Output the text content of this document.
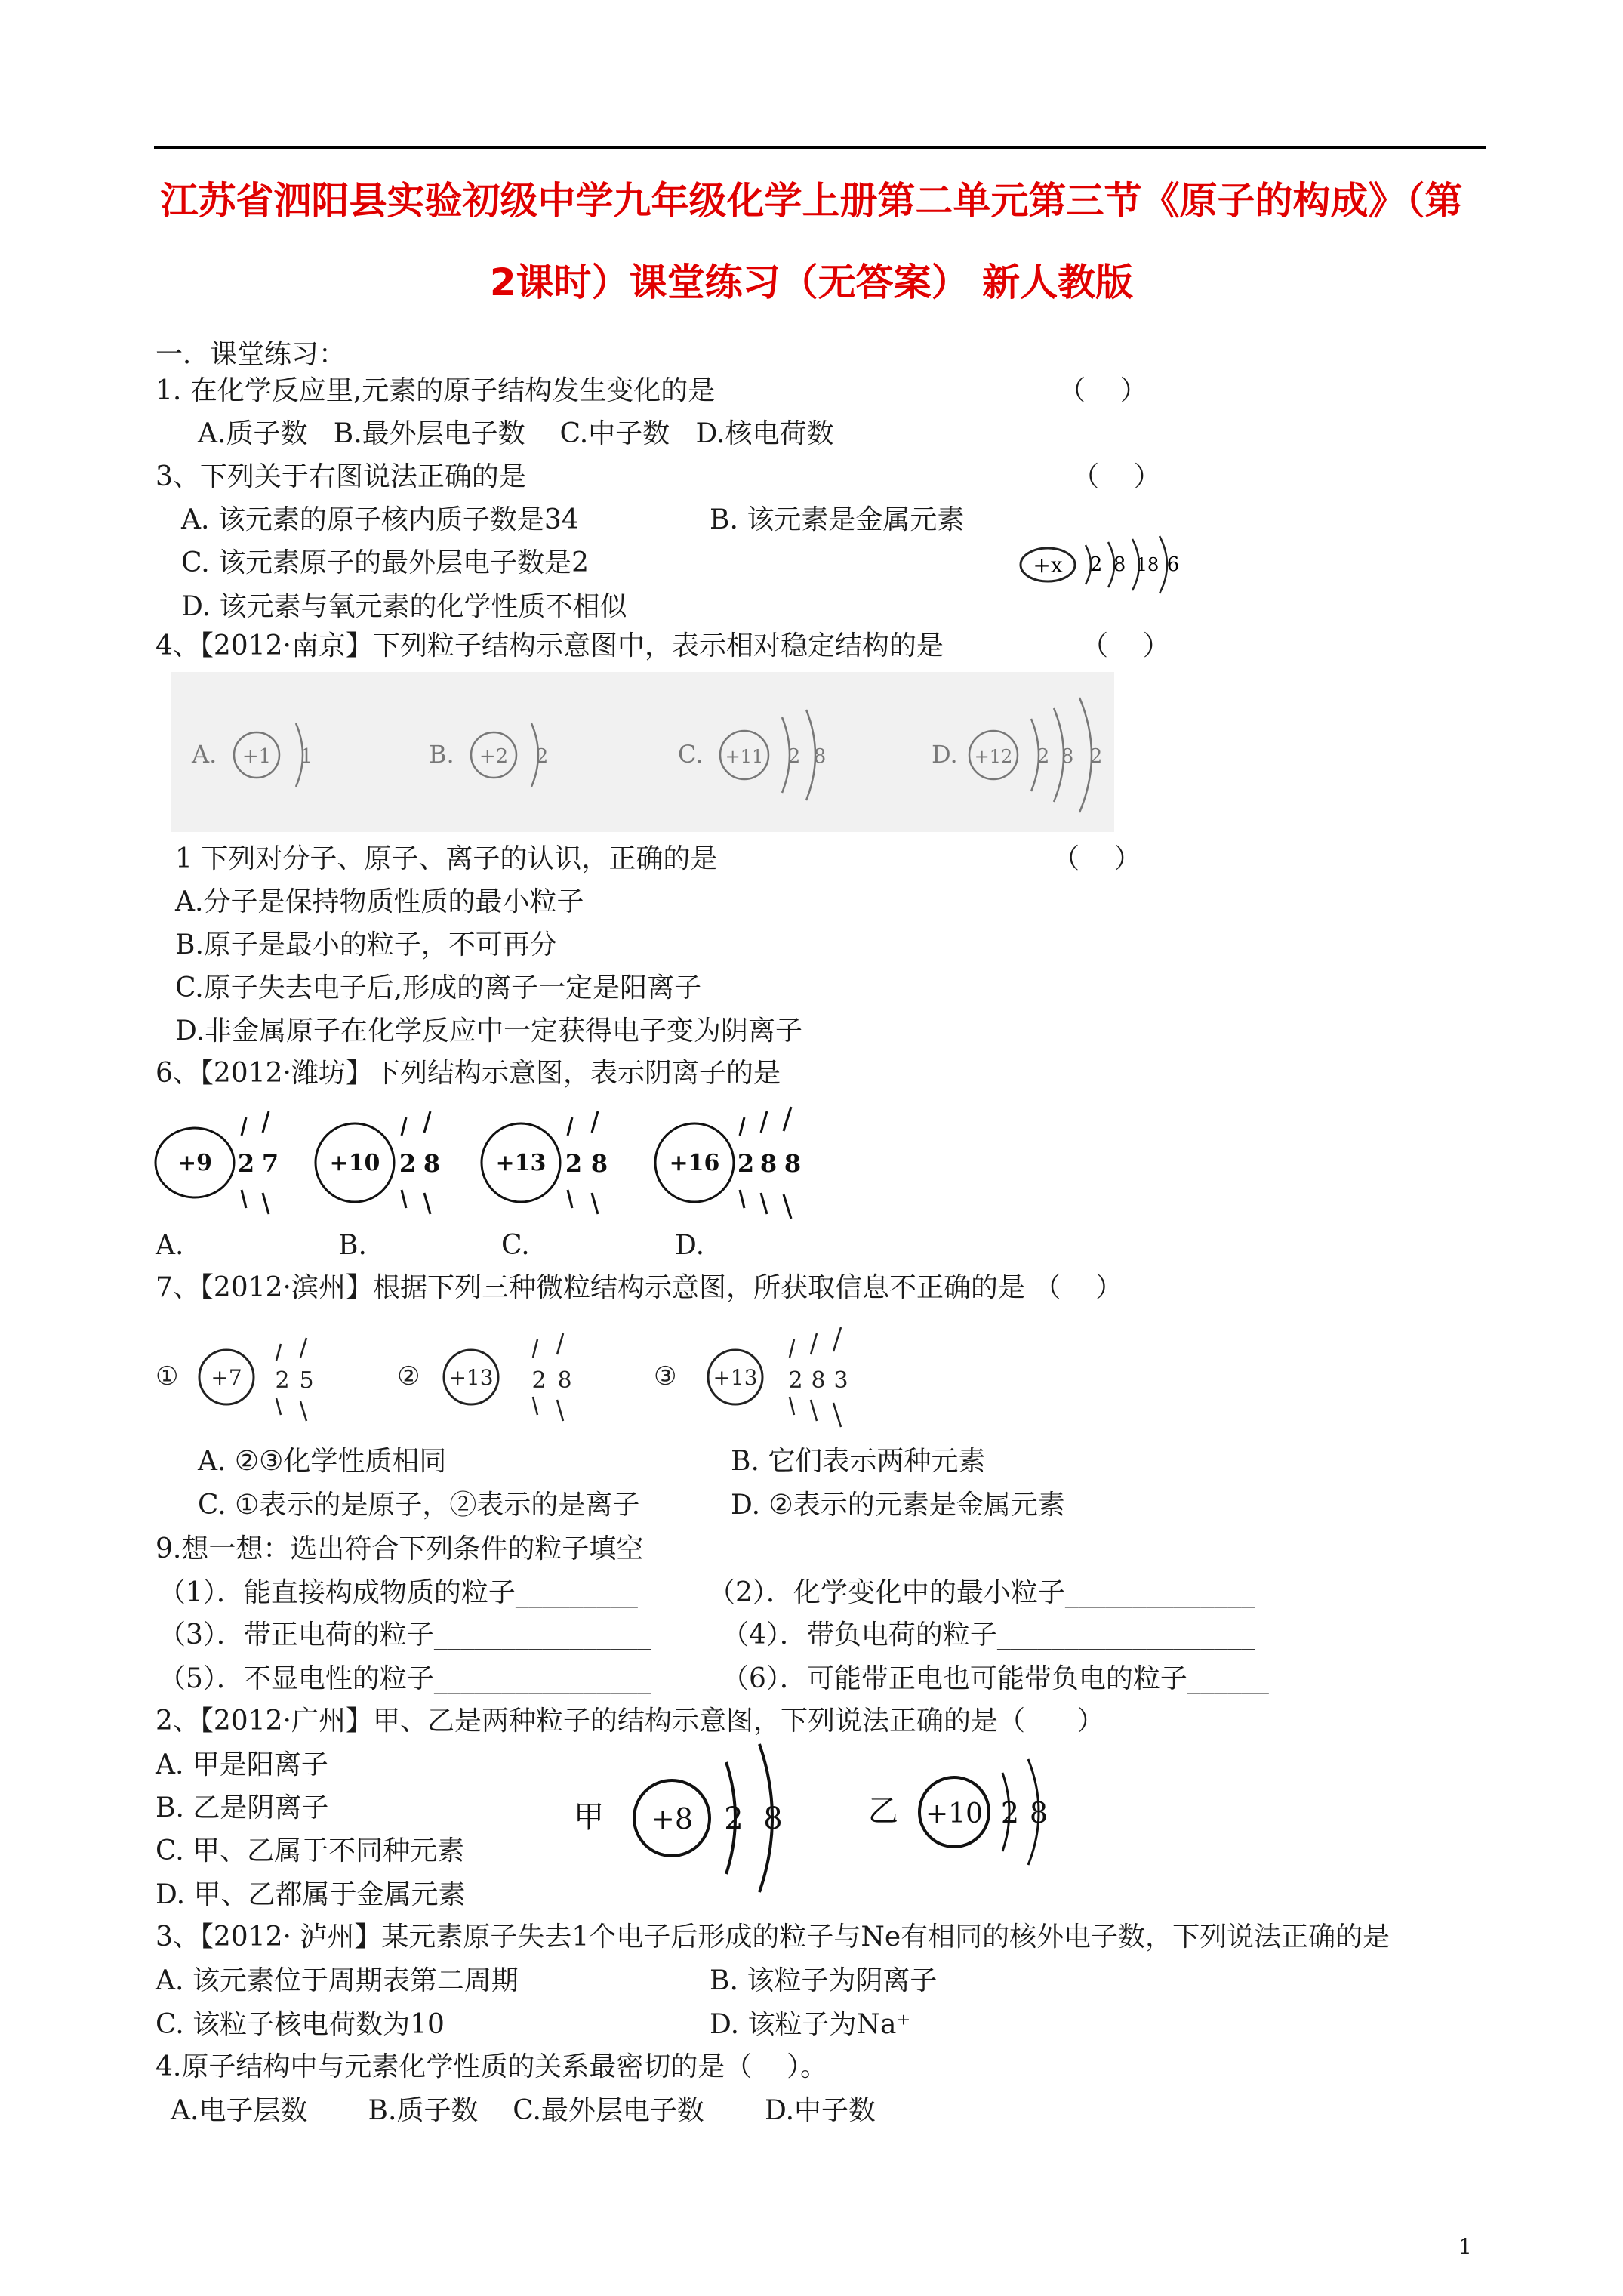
江苏省泗阳县实验初级中学九年级化学上册第二单元第三节《原子的构成》（第
2课时）课堂练习（无答案） 新人教版
一．课堂练习：
1. 在化学反应里,元素的原子结构发生变化的是	（    ）
A.质子数   B.最外层电子数    C.中子数   D.核电荷数
3、下列关于右图说法正确的是	（    ）
A. 该元素的原子核内质子数是34	B. 该元素是金属元素
C. 该元素原子的最外层电子数是2
D. 该元素与氧元素的化学性质不相似
+x 2 8 18 6
4、【2012·南京】下列粒子结构示意图中，表示相对稳定结构的是	（    ）
A. +1 1	B. +2 2	C. +11 2 8	D. +12 2 8 2
1 下列对分子、原子、离子的认识，正确的是	（    ）
A.分子是保持物质性质的最小粒子
B.原子是最小的粒子，不可再分
C.原子失去电子后,形成的离子一定是阳离子
D.非金属原子在化学反应中一定获得电子变为阴离子
6、【2012·潍坊】下列结构示意图，表示阴离子的是
+9 2 7 +10 2 8 +13 2 8	+16 2 8 8
A.	B.	C.	D.
7、【2012·滨州】根据下列三种微粒结构示意图，所获取信息不正确的是 （    ）
① +7 2 5	② +13 2 8	③ +13 2 8 3
A. ②③化学性质相同	B. 它们表示两种元素
C. ①表示的是原子，②表示的是离子	D. ②表示的元素是金属元素
9.想一想：选出符合下列条件的粒子填空
（1）．能直接构成物质的粒子_________	（2）．化学变化中的最小粒子______________
（3）．带正电荷的粒子________________	（4）．带负电荷的粒子___________________
（5）．不显电性的粒子________________	（6）．可能带正电也可能带负电的粒子______
2、【2012·广州】甲、乙是两种粒子的结构示意图，下列说法正确的是（      ）
A. 甲是阳离子
B. 乙是阴离子
C. 甲、乙属于不同种元素
D. 甲、乙都属于金属元素
甲 +8 2 8	乙 +10 2 8
3、【2012· 泸州】某元素原子失去1个电子后形成的粒子与Ne有相同的核外电子数，下列说法正确的是
A. 该元素位于周期表第二周期	B. 该粒子为阴离子
C. 该粒子核电荷数为10	D. 该粒子为Na⁺
4.原子结构中与元素化学性质的关系最密切的是（    ）。
A.电子层数       B.质子数    C.最外层电子数       D.中子数
1
